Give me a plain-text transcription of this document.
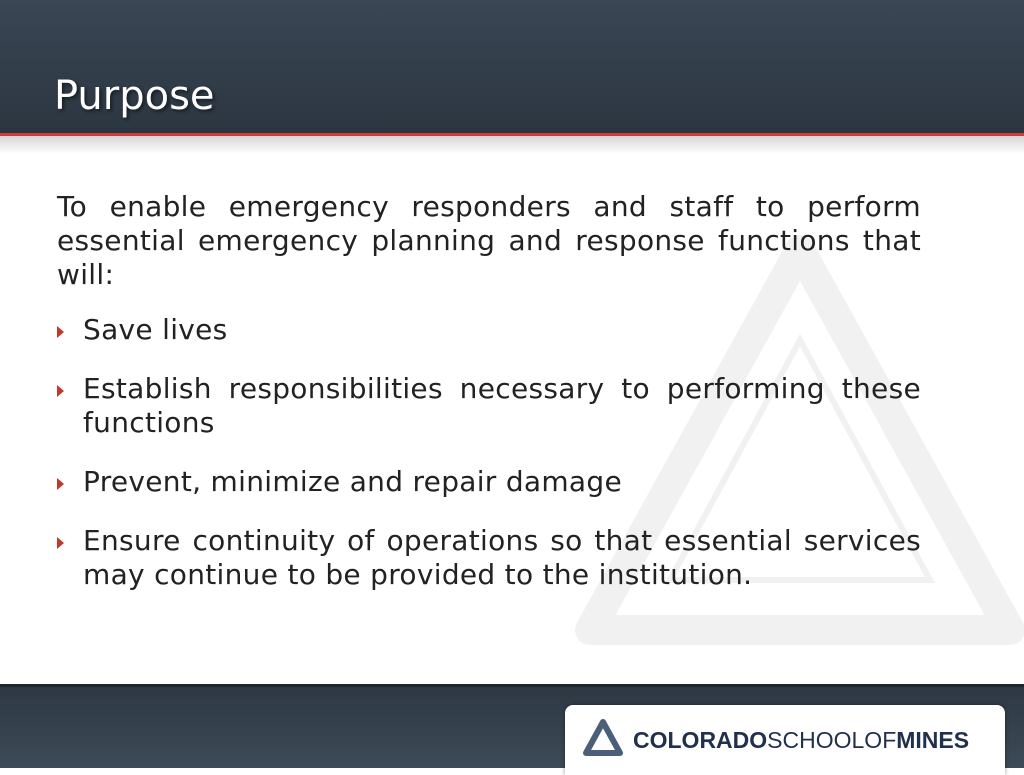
Purpose

To enable emergency responders and staff to perform essential emergency planning and response functions that will:

Save lives
Establish responsibilities necessary to performing these functions
Prevent, minimize and repair damage
Ensure continuity of operations so that essential services may continue to be provided to the institution.
COLORADOSCHOOLOFMINES
